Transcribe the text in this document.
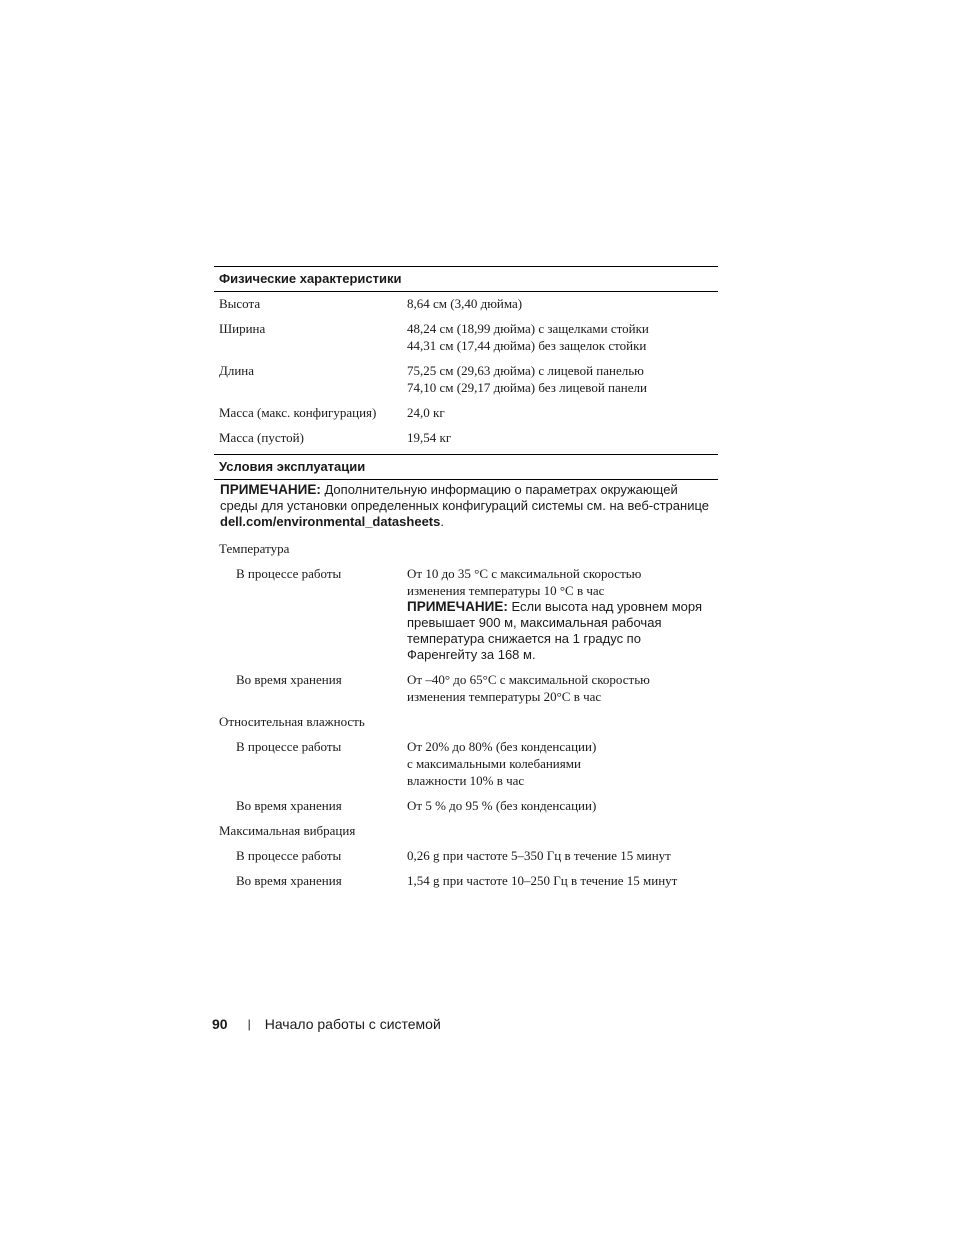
Физические характеристики
Высота	8,64 см (3,40 дюйма)
Ширина	48,24 см (18,99 дюйма) с защелками стойки
44,31 см (17,44 дюйма) без защелок стойки
Длина	75,25 см (29,63 дюйма) с лицевой панелью
74,10 см (29,17 дюйма) без лицевой панели
Масса (макс. конфигурация)	24,0 кг
Масса (пустой)	19,54 кг
Условия эксплуатации
ПРИМЕЧАНИЕ: Дополнительную информацию о параметрах окружающей среды для установки определенных конфигураций системы см. на веб-странице dell.com/environmental_datasheets.
Температура
В процессе работы	От 10 до 35 °C с максимальной скоростью
изменения температуры 10 °C в час
ПРИМЕЧАНИЕ: Если высота над уровнем моря превышает 900 м, максимальная рабочая температура снижается на 1 градус по Фаренгейту за 168 м.
Во время хранения	От –40° до 65°C с максимальной скоростью
изменения температуры 20°C в час
Относительная влажность
В процессе работы	От 20% до 80% (без конденсации)
с максимальными колебаниями
влажности 10% в час
Во время хранения	От 5 % до 95 % (без конденсации)
Максимальная вибрация
В процессе работы	0,26 g при частоте 5–350 Гц в течение 15 минут
Во время хранения	1,54 g при частоте 10–250 Гц в течение 15 минут
90 | Начало работы с системой
